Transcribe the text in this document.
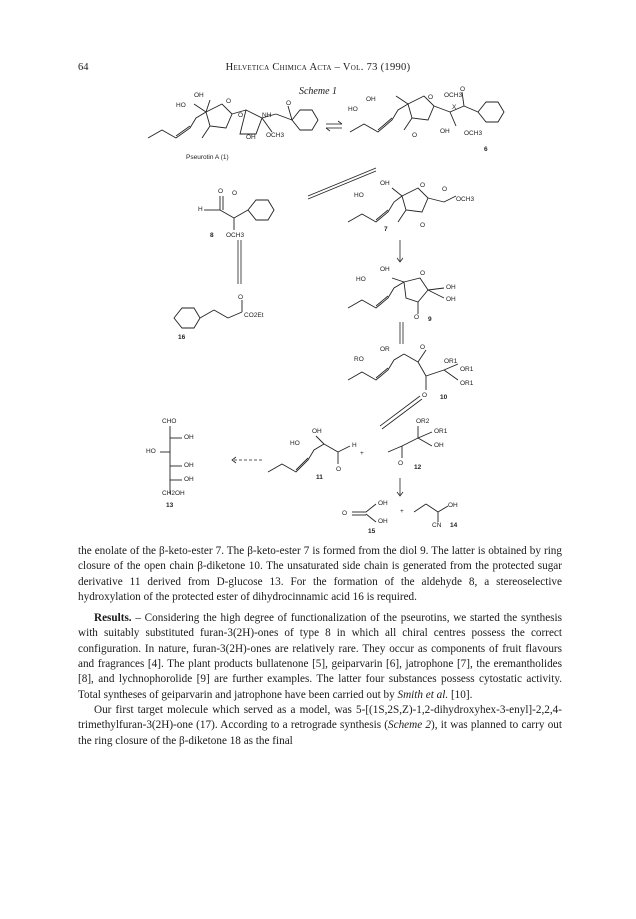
64	Helvetica Chimica Acta – Vol. 73 (1990)
Scheme 1
OH
HO
O
O	NH
O
OH OCH3
Pseurotin A (1)
OH
HO
O OCH3
O
X
O
OH OCH3
6
O
H
O
OCH3
8
OH
HO
O
O
OCH3
O
7
OH
HO
O
OH
OH
O 9
O
CO2Et
16
OR
RO
O
OR1
OR1
OR1
O 10
CHO
OH
HO
OH
OH
CH2OH
13
OH
HO	H
O
11
+
OR2
OR1
OH
O
12
O
OH
OH
15
+
OH
CN 14

the enolate of the β-keto-ester 7. The β-keto-ester 7 is formed from the diol 9. The latter is obtained by ring closure of the open chain β-diketone 10. The unsaturated side chain is generated from the protected sugar derivative 11 derived from D-glucose 13. For the formation of the aldehyde 8, a stereoselective hydroxylation of the protected ester of dihydrocinnamic acid 16 is required.

Results. – Considering the high degree of functionalization of the pseurotins, we started the synthesis with suitably substituted furan-3(2H)-ones of type 8 in which all chiral centres possess the correct configuration. In nature, furan-3(2H)-ones are relatively rare. They occur as components of fruit flavours and fragrances [4]. The plant products bullatenone [5], geiparvarin [6], jatrophone [7], the eremantholides [8], and lychnophorolide [9] are further examples. The latter four substances possess cytostatic activity. Total syntheses of geiparvarin and jatrophone have been carried out by Smith et al. [10].

Our first target molecule which served as a model, was 5-[(1S,2S,Z)-1,2-dihydroxyhex-3-enyl]-2,2,4-trimethylfuran-3(2H)-one (17). According to a retrograde synthesis (Scheme 2), it was planned to carry out the ring closure of the β-diketone 18 as the final
